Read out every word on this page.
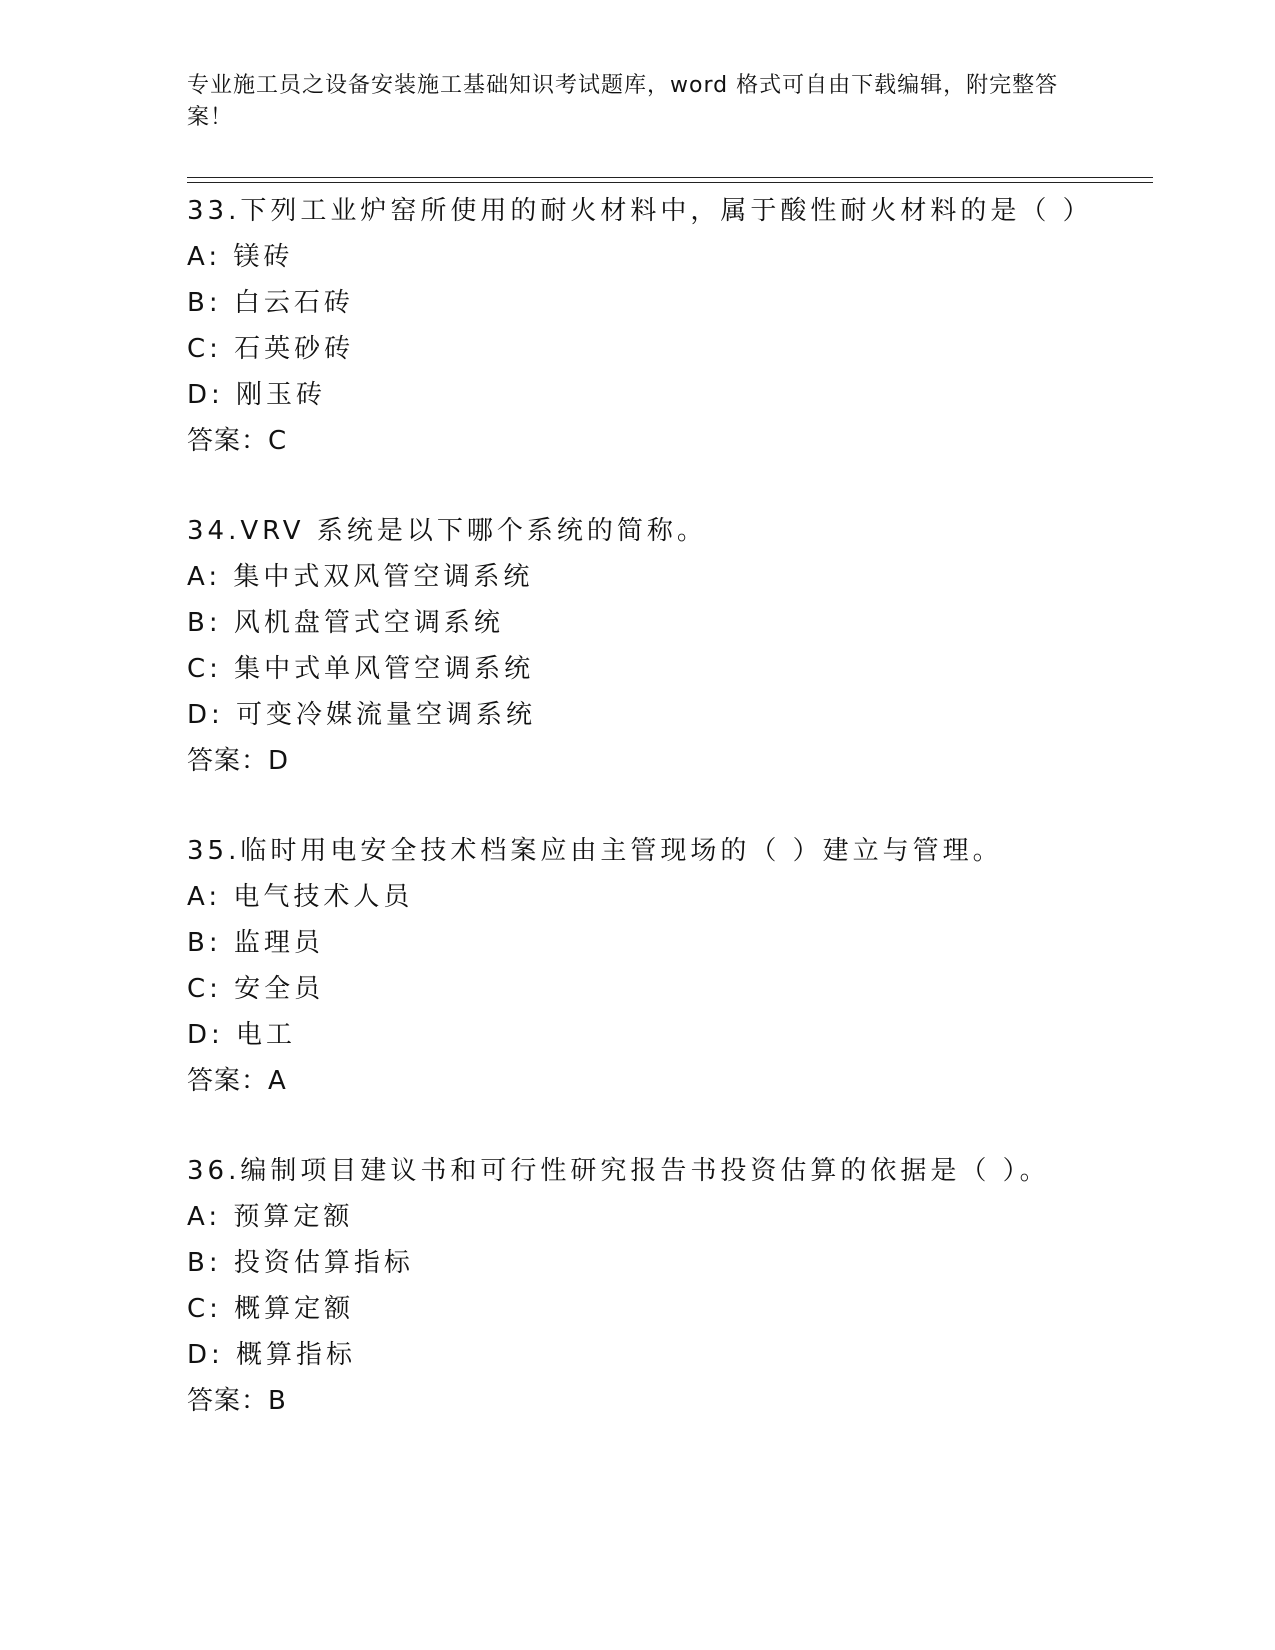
专业施工员之设备安装施工基础知识考试题库，word 格式可自由下载编辑，附完整答案！
33.下列工业炉窑所使用的耐火材料中，属于酸性耐火材料的是（ ）
A: 镁砖
B: 白云石砖
C: 石英砂砖
D: 刚玉砖
答案：C
34.VRV 系统是以下哪个系统的简称。
A: 集中式双风管空调系统
B: 风机盘管式空调系统
C: 集中式单风管空调系统
D: 可变冷媒流量空调系统
答案：D
35.临时用电安全技术档案应由主管现场的（ ）建立与管理。
A: 电气技术人员
B: 监理员
C: 安全员
D: 电工
答案：A
36.编制项目建议书和可行性研究报告书投资估算的依据是（ ）。
A: 预算定额
B: 投资估算指标
C: 概算定额
D: 概算指标
答案：B
